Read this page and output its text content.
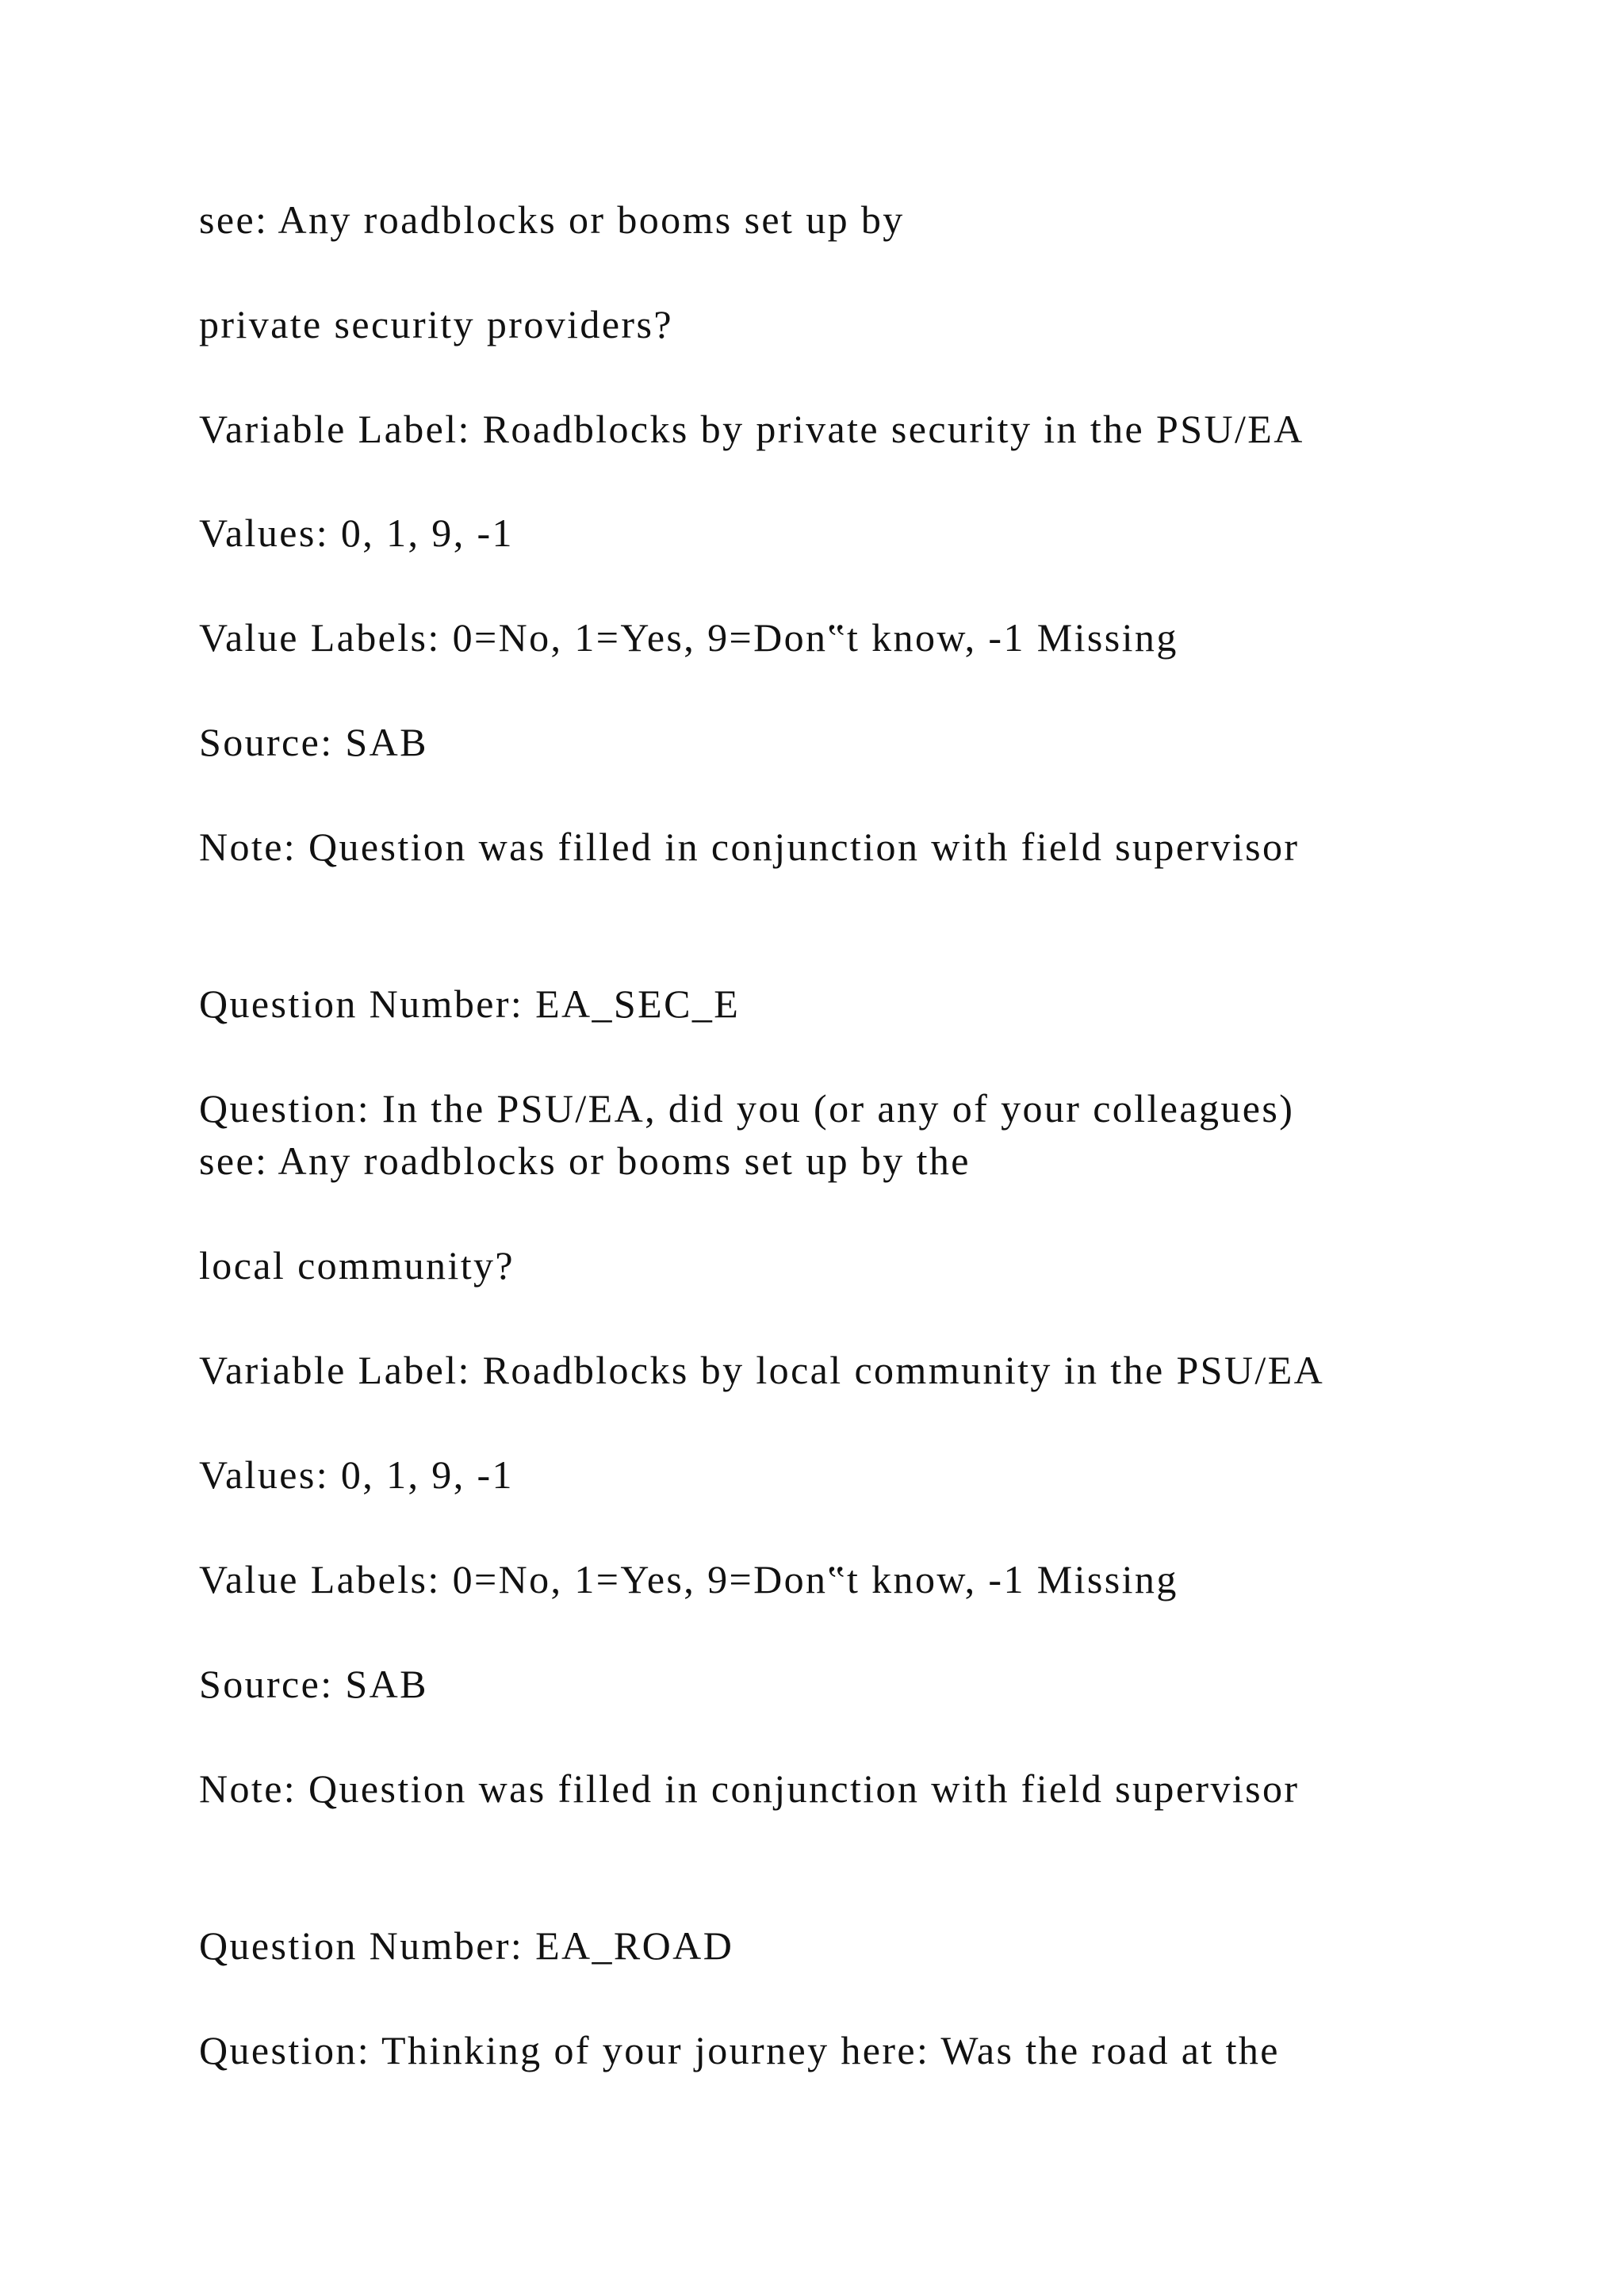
see: Any roadblocks or booms set up by
private security providers?
Variable Label: Roadblocks by private security in the PSU/EA
Values: 0, 1, 9, -1
Value Labels: 0=No, 1=Yes, 9=Don‟t know, -1 Missing
Source: SAB
Note: Question was filled in conjunction with field supervisor
Question Number: EA_SEC_E
Question: In the PSU/EA, did you (or any of your colleagues)
see: Any roadblocks or booms set up by the
local community?
Variable Label: Roadblocks by local community in the PSU/EA
Values: 0, 1, 9, -1
Value Labels: 0=No, 1=Yes, 9=Don‟t know, -1 Missing
Source: SAB
Note: Question was filled in conjunction with field supervisor
Question Number: EA_ROAD
Question: Thinking of your journey here: Was the road at the
